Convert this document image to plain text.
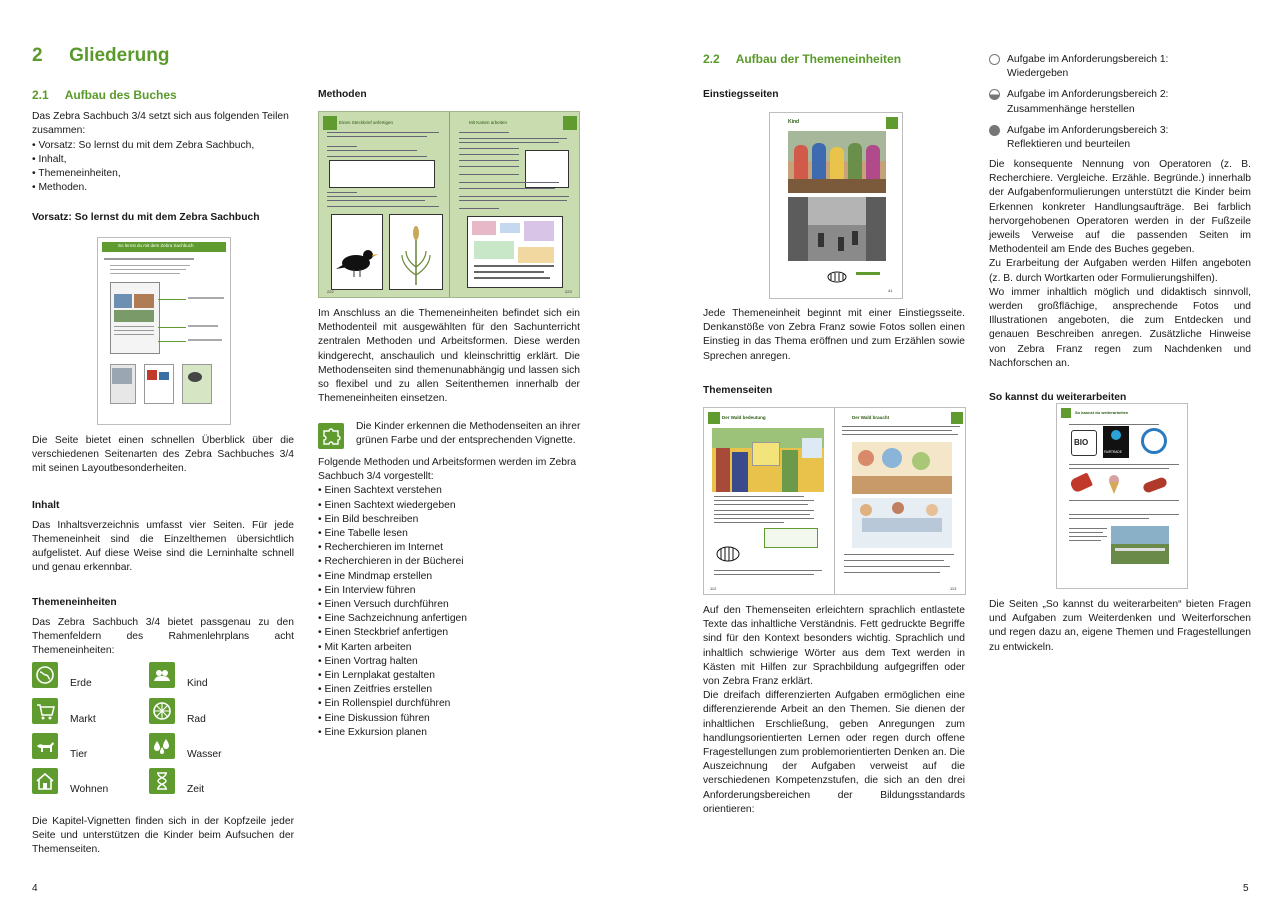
2 Gliederung
2.1 Aufbau des Buches

Das Zebra Sachbuch 3/4 setzt sich aus folgenden Teilen zusammen:

• Vorsatz: So lernst du mit dem Zebra Sachbuch,

• Inhalt,

• Themeneinheiten,

• Methoden.

Vorsatz: So lernst du mit dem Zebra Sachbuch
So lernst du mit dem Zebra Sachbuch

Die Seite bietet einen schnellen Überblick über die verschiedenen Seitenarten des Zebra Sachbuches 3/4 mit seinen Layoutbesonderheiten.

Inhalt

Das Inhaltsverzeichnis umfasst vier Seiten. Für jede Themeneinheit sind die Einzelthemen übersichtlich aufgelistet. Auf diese Weise sind die Lerninhalte schnell und genau erkennbar.

Themeneinheiten

Das Zebra Sachbuch 3/4 bietet passgenau zu den Themenfeldern des Rahmenlehrplans acht Themeneinheiten:

Erde	Kind
Markt	Rad
Tier	Wasser
Wohnen	Zeit

Die Kapitel-Vignetten finden sich in der Kopfzeile jeder Seite und unterstützen die Kinder beim Aufsuchen der Themenseiten.

4
Methoden
Einen Steckbrief anfertigen	Mit Karten arbeiten
222	223

Im Anschluss an die Themeneinheiten befindet sich ein Methodenteil mit ausgewählten für den Sachunterricht zentralen Methoden und Arbeitsformen. Diese werden kindgerecht, anschaulich und kleinschrittig erklärt. Die Methodenseiten sind themenunabhängig und lassen sich so flexibel und zu allen Seitenthemen innerhalb der Themeneinheiten einsetzen.

Die Kinder erkennen die Methodenseiten an ihrer grünen Farbe und der entsprechenden Vignette.

Folgende Methoden und Arbeitsformen werden im Zebra Sachbuch 3/4 vorgestellt:

• Einen Sachtext verstehen
• Einen Sachtext wiedergeben
• Ein Bild beschreiben
• Eine Tabelle lesen
• Recherchieren im Internet
• Recherchieren in der Bücherei
• Eine Mindmap erstellen
• Ein Interview führen
• Einen Versuch durchführen
• Eine Sachzeichnung anfertigen
• Einen Steckbrief anfertigen
• Mit Karten arbeiten
• Einen Vortrag halten
• Ein Lernplakat gestalten
• Einen Zeitfries erstellen
• Ein Rollenspiel durchführen
• Eine Diskussion führen
• Eine Exkursion planen
2.2 Aufbau der Themeneinheiten
Einstiegsseiten
Kind
41

Jede Themeneinheit beginnt mit einer Einstiegsseite. Denkanstöße von Zebra Franz sowie Fotos sollen einen Einstieg in das Thema eröffnen und zum Erzählen sowie Sprechen anregen.

Themenseiten
Der Wald bedeutung	Der Wald braucht
112	113

Auf den Themenseiten erleichtern sprachlich entlastete Texte das inhaltliche Verständnis. Fett gedruckte Begriffe sind für den Kontext besonders wichtig. Sprachlich und inhaltlich schwierige Wörter aus dem Text werden in Kästen mit Hilfen zur Sprachbildung aufgegriffen oder von Zebra Franz erklärt.

Die dreifach differenzierten Aufgaben ermöglichen eine differenzierende Arbeit an den Themen. Sie dienen der inhaltlichen Erschließung, geben Anregungen zum handlungsorientierten Lernen oder regen durch offene Fragestellungen zum problemorientierten Denken an. Die Auszeichnung der Aufgaben verweist auf die verschiedenen Kompetenzstufen, die sich an den drei Anforderungsbereichen der Bildungsstandards orientieren:

Aufgabe im Anforderungsbereich 1:
Wiedergeben
Aufgabe im Anforderungsbereich 2:
Zusammenhänge herstellen
Aufgabe im Anforderungsbereich 3:
Reflektieren und beurteilen

Die konsequente Nennung von Operatoren (z. B. Recherchiere. Vergleiche. Erzähle. Begründe.) innerhalb der Aufgabenformulierungen unterstützt die Kinder beim Erkennen konkreter Handlungsaufträge. Bei farblich hervorgehobenen Operatoren werden in der Fußzeile jeweils Verweise auf die passenden Seiten im Methodenteil am Ende des Buches gegeben.

Zu Erarbeitung der Aufgaben werden Hilfen angeboten (z. B. durch Wortkarten oder Formulierungshilfen).

Wo immer inhaltlich möglich und didaktisch sinnvoll, werden großflächige, ansprechende Fotos und Illustrationen angeboten, die zum Entdecken und genauen Beschreiben anregen. Zusätzliche Hinweise von Zebra Franz regen zum Nachdenken und Nachforschen an.

So kannst du weiterarbeiten
So kannst du weiterarbeiten
BIO
FAIRTRADE

Die Seiten „So kannst du weiterarbeiten“ bieten Fragen und Aufgaben zum Weiterdenken und Weiterforschen und regen dazu an, eigene Themen und Fragestellungen zu entwickeln.

5
